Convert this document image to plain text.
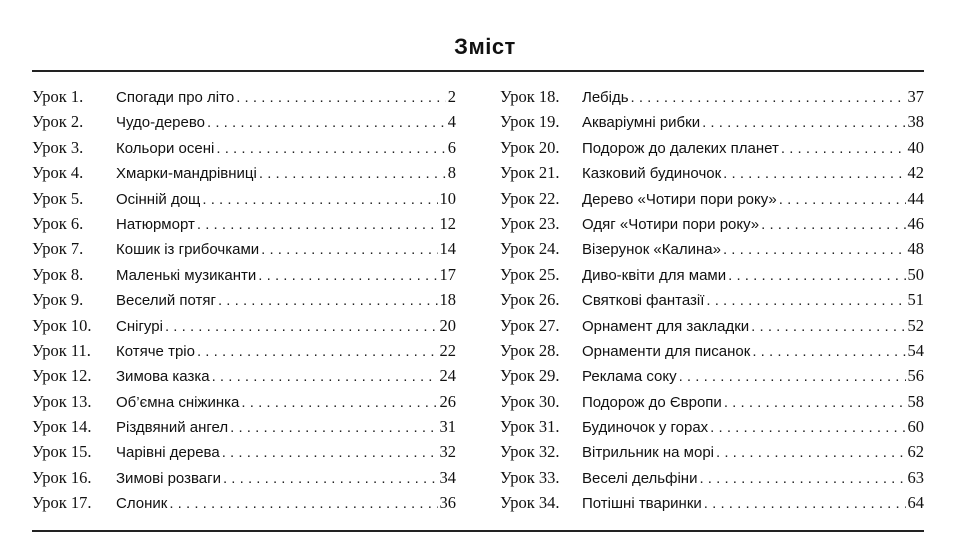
Зміст
Урок 1.	Спогади про літо . . .	2
Урок 2.	Чудо-дерево . . .	4
Урок 3.	Кольори осені . . .	6
Урок 4.	Хмарки-мандрівниці . . .	8
Урок 5.	Осінній дощ . . .	10
Урок 6.	Натюрморт . . .	12
Урок 7.	Кошик із грибочками . . .	14
Урок 8.	Маленькі музиканти . . .	17
Урок 9.	Веселий потяг . . .	18
Урок 10.	Снігурі . . .	20
Урок 11.	Котяче тріо . . .	22
Урок 12.	Зимова казка . . .	24
Урок 13.	Об’ємна сніжинка . . .	26
Урок 14.	Різдвяний ангел . . .	31
Урок 15.	Чарівні дерева . . .	32
Урок 16.	Зимові розваги . . .	34
Урок 17.	Слоник . . .	36
Урок 18.	Лебідь . . .	37
Урок 19.	Акваріумні рибки . . .	38
Урок 20.	Подорож до далеких планет . . .	40
Урок 21.	Казковий будиночок . . .	42
Урок 22.	Дерево «Чотири пори року» . . .	44
Урок 23.	Одяг «Чотири пори року» . . .	46
Урок 24.	Візерунок «Калина» . . .	48
Урок 25.	Диво-квіти для мами . . .	50
Урок 26.	Святкові фантазії . . .	51
Урок 27.	Орнамент для закладки . . .	52
Урок 28.	Орнаменти для писанок . . .	54
Урок 29.	Реклама соку . . .	56
Урок 30.	Подорож до Європи . . .	58
Урок 31.	Будиночок у горах . . .	60
Урок 32.	Вітрильник на морі . . .	62
Урок 33.	Веселі дельфіни . . .	63
Урок 34.	Потішні тваринки . . .	64
